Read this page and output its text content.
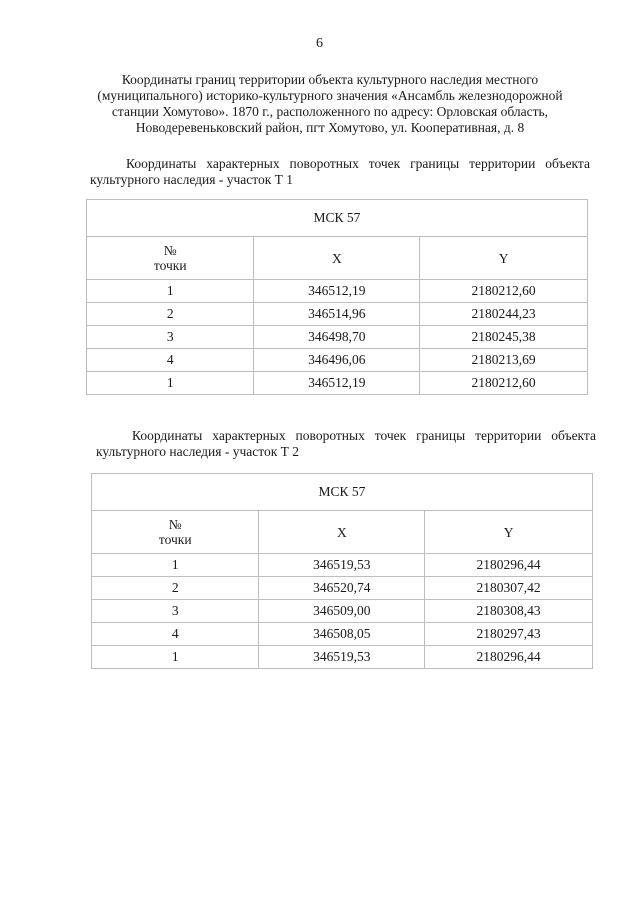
6
Координаты границ территории объекта культурного наследия местного
(муниципального) историко-культурного значения «Ансамбль железнодорожной
станции Хомутово». 1870 г., расположенного по адресу: Орловская область,
Новодеревеньковский район, пгт Хомутово, ул. Кооперативная, д. 8
Координаты характерных поворотных точек границы территории объекта культурного наследия - участок Т 1
МСК 57		

№
точки	X	Y
1	346512,19	2180212,60
2	346514,96	2180244,23
3	346498,70	2180245,38
4	346496,06	2180213,69
1	346512,19	2180212,60
Координаты характерных поворотных точек границы территории объекта культурного наследия - участок Т 2
МСК 57		

№
точки	X	Y
1	346519,53	2180296,44
2	346520,74	2180307,42
3	346509,00	2180308,43
4	346508,05	2180297,43
1	346519,53	2180296,44
